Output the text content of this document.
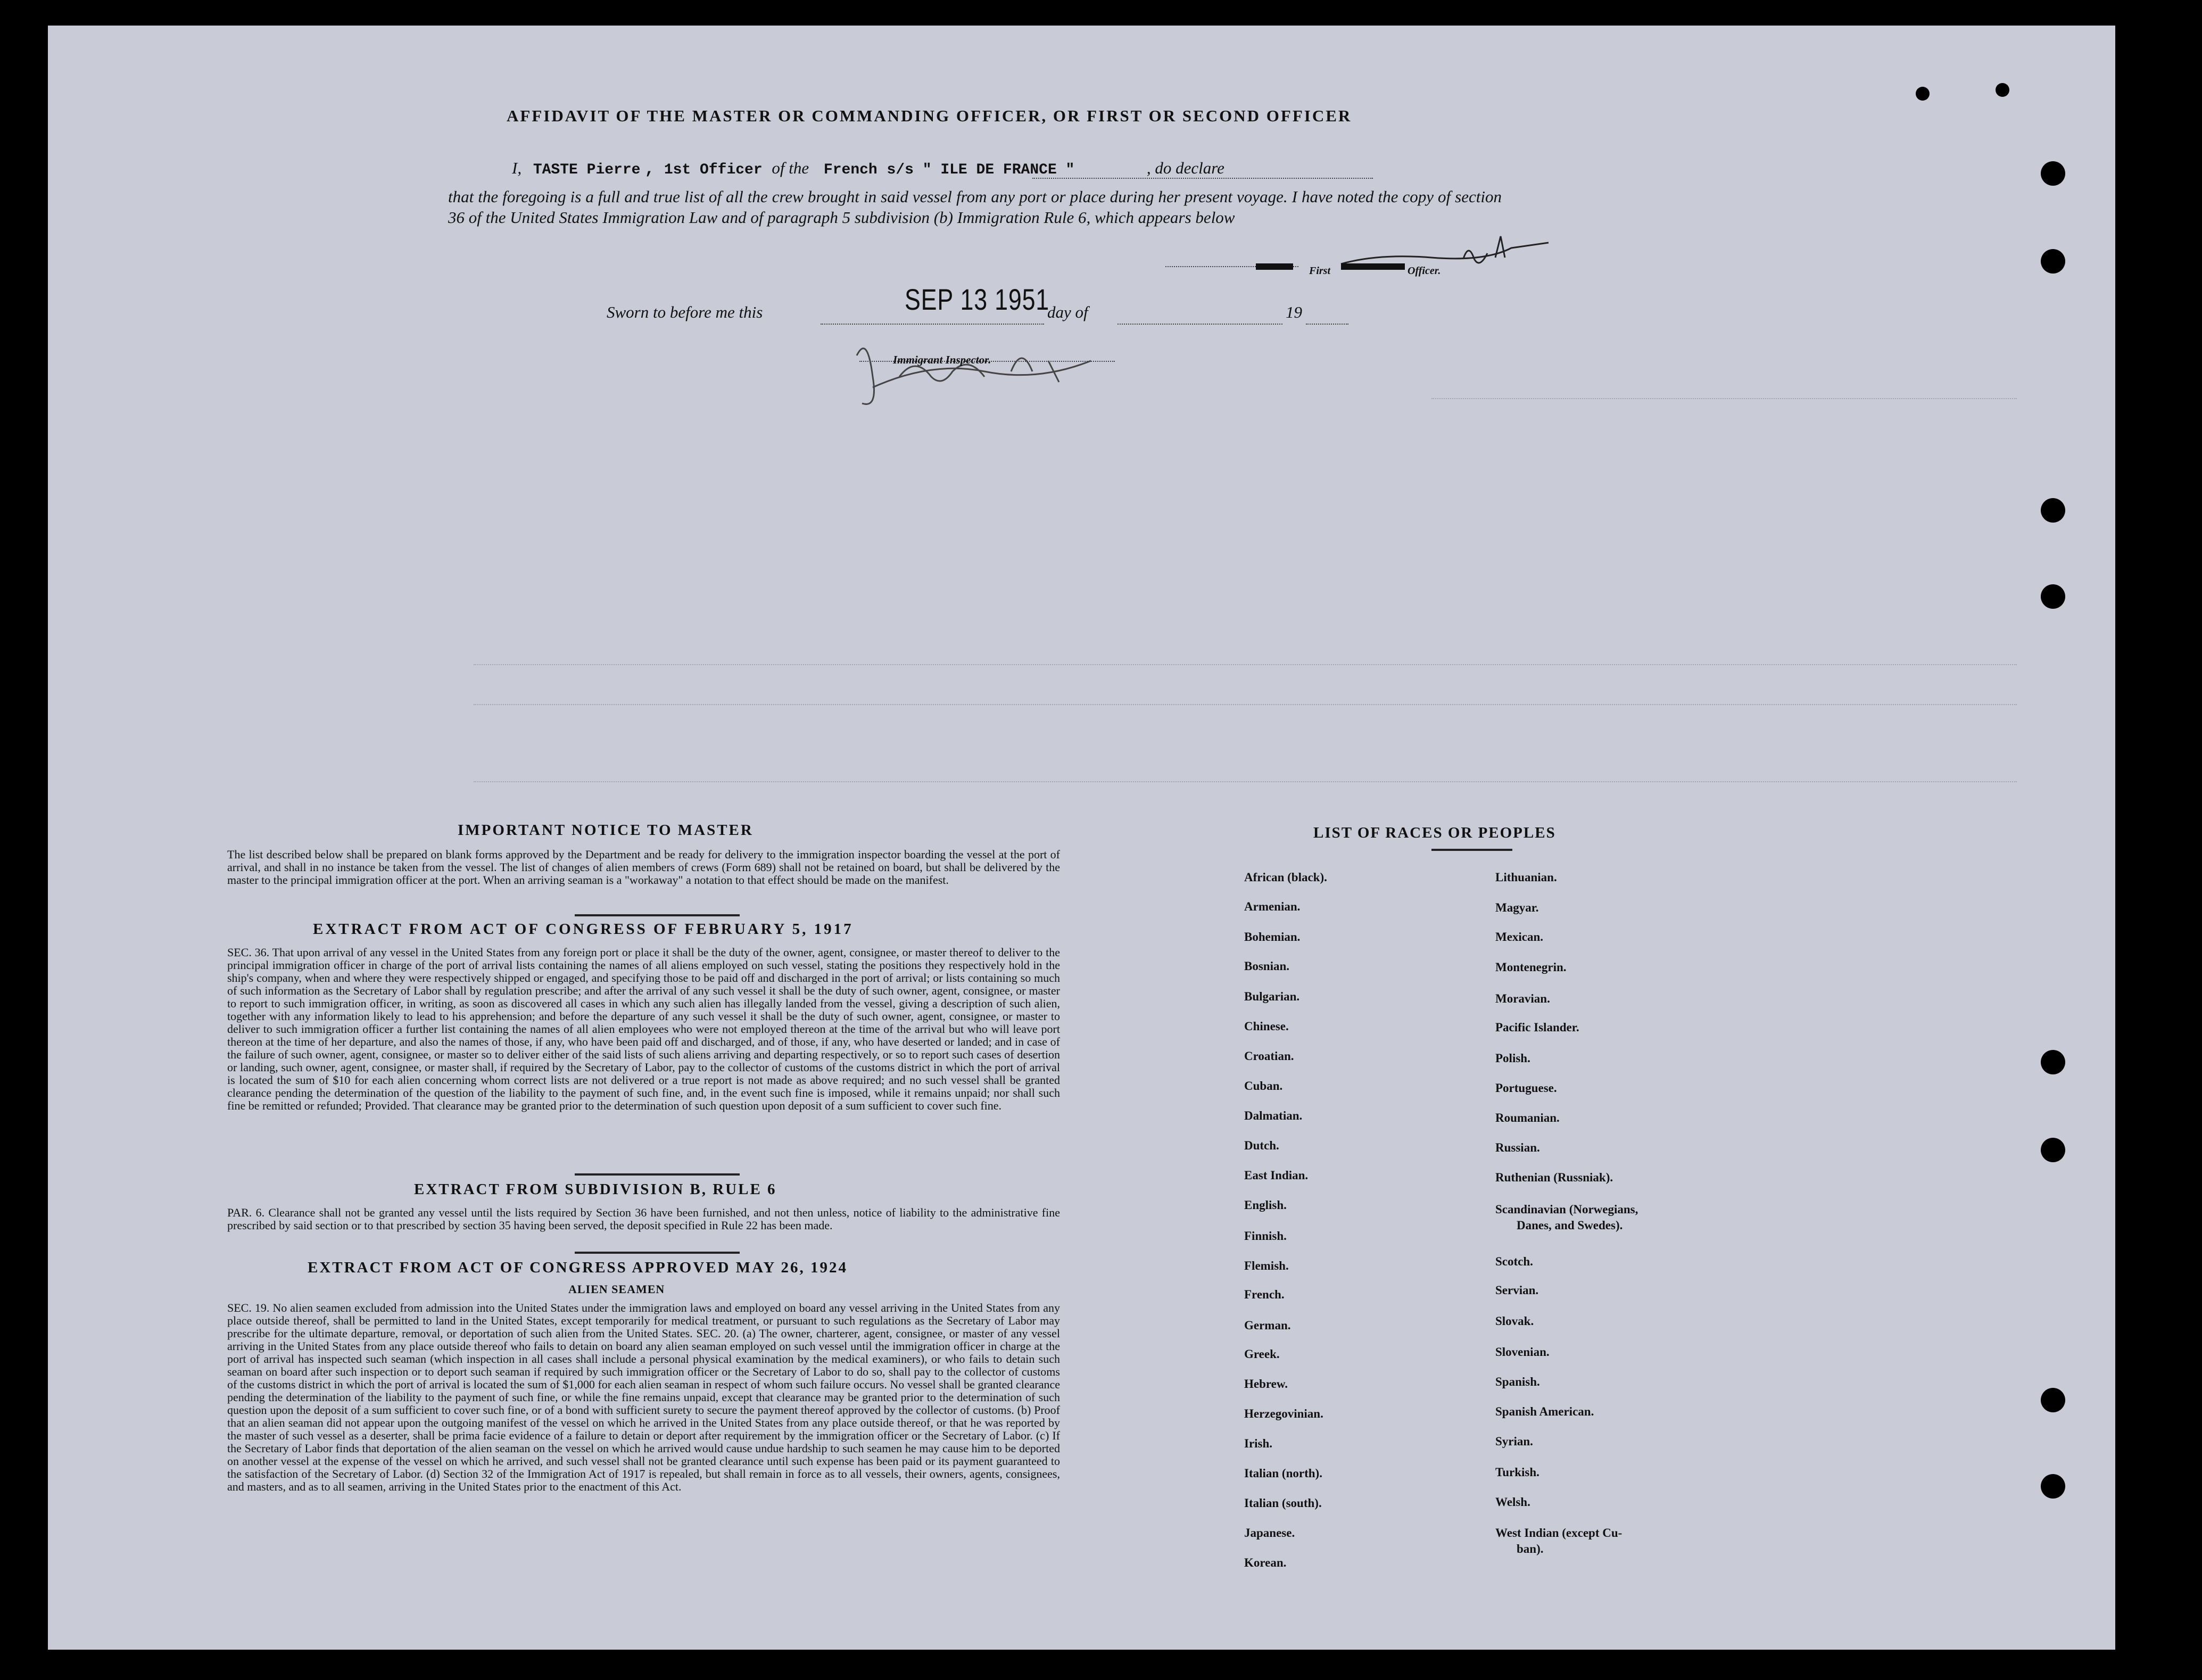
AFFIDAVIT OF THE MASTER OR COMMANDING OFFICER, OR FIRST OR SECOND OFFICER
I, TASTE Pierre , 1st Officer of the French s/s " ILE DE FRANCE "	, do declare
that the foregoing is a full and true list of all the crew brought in said vessel from any port or place during her present voyage. I have noted the copy of section 36 of the United States Immigration Law and of paragraph 5 subdivision (b) Immigration Rule 6, which appears below
First Officer.
Sworn to before me this	SEP 13 1951
day of	19
Immigrant Inspector.
IMPORTANT NOTICE TO MASTER
The list described below shall be prepared on blank forms approved by the Department and be ready for delivery to the immigration inspector boarding the vessel at the port of arrival, and shall in no instance be taken from the vessel. The list of changes of alien members of crews (Form 689) shall not be retained on board, but shall be delivered by the master to the principal immigration officer at the port. When an arriving seaman is a "workaway" a notation to that effect should be made on the manifest.
EXTRACT FROM ACT OF CONGRESS OF FEBRUARY 5, 1917
SEC. 36. That upon arrival of any vessel in the United States from any foreign port or place it shall be the duty of the owner, agent, consignee, or master thereof to deliver to the principal immigration officer in charge of the port of arrival lists containing the names of all aliens employed on such vessel, stating the positions they respectively hold in the ship's company, when and where they were respectively shipped or engaged, and specifying those to be paid off and discharged in the port of arrival; or lists containing so much of such information as the Secretary of Labor shall by regulation prescribe; and after the arrival of any such vessel it shall be the duty of such owner, agent, consignee, or master to report to such immigration officer, in writing, as soon as discovered all cases in which any such alien has illegally landed from the vessel, giving a description of such alien, together with any information likely to lead to his apprehension; and before the departure of any such vessel it shall be the duty of such owner, agent, consignee, or master to deliver to such immigration officer a further list containing the names of all alien employees who were not employed thereon at the time of the arrival but who will leave port thereon at the time of her departure, and also the names of those, if any, who have been paid off and discharged, and of those, if any, who have deserted or landed; and in case of the failure of such owner, agent, consignee, or master so to deliver either of the said lists of such aliens arriving and departing respectively, or so to report such cases of desertion or landing, such owner, agent, consignee, or master shall, if required by the Secretary of Labor, pay to the collector of customs of the customs district in which the port of arrival is located the sum of $10 for each alien concerning whom correct lists are not delivered or a true report is not made as above required; and no such vessel shall be granted clearance pending the determination of the question of the liability to the payment of such fine, and, in the event such fine is imposed, while it remains unpaid; nor shall such fine be remitted or refunded; Provided. That clearance may be granted prior to the determination of such question upon deposit of a sum sufficient to cover such fine.
EXTRACT FROM SUBDIVISION B, RULE 6
PAR. 6. Clearance shall not be granted any vessel until the lists required by Section 36 have been furnished, and not then unless, notice of liability to the administrative fine prescribed by said section or to that prescribed by section 35 having been served, the deposit specified in Rule 22 has been made.
EXTRACT FROM ACT OF CONGRESS APPROVED MAY 26, 1924
ALIEN SEAMEN
SEC. 19. No alien seamen excluded from admission into the United States under the immigration laws and employed on board any vessel arriving in the United States from any place outside thereof, shall be permitted to land in the United States, except temporarily for medical treatment, or pursuant to such regulations as the Secretary of Labor may prescribe for the ultimate departure, removal, or deportation of such alien from the United States. SEC. 20. (a) The owner, charterer, agent, consignee, or master of any vessel arriving in the United States from any place outside thereof who fails to detain on board any alien seaman employed on such vessel until the immigration officer in charge at the port of arrival has inspected such seaman (which inspection in all cases shall include a personal physical examination by the medical examiners), or who fails to detain such seaman on board after such inspection or to deport such seaman if required by such immigration officer or the Secretary of Labor to do so, shall pay to the collector of customs of the customs district in which the port of arrival is located the sum of $1,000 for each alien seaman in respect of whom such failure occurs. No vessel shall be granted clearance pending the determination of the liability to the payment of such fine, or while the fine remains unpaid, except that clearance may be granted prior to the determination of such question upon the deposit of a sum sufficient to cover such fine, or of a bond with sufficient surety to secure the payment thereof approved by the collector of customs. (b) Proof that an alien seaman did not appear upon the outgoing manifest of the vessel on which he arrived in the United States from any place outside thereof, or that he was reported by the master of such vessel as a deserter, shall be prima facie evidence of a failure to detain or deport after requirement by the immigration officer or the Secretary of Labor. (c) If the Secretary of Labor finds that deportation of the alien seaman on the vessel on which he arrived would cause undue hardship to such seamen he may cause him to be deported on another vessel at the expense of the vessel on which he arrived, and such vessel shall not be granted clearance until such expense has been paid or its payment guaranteed to the satisfaction of the Secretary of Labor. (d) Section 32 of the Immigration Act of 1917 is repealed, but shall remain in force as to all vessels, their owners, agents, consignees, and masters, and as to all seamen, arriving in the United States prior to the enactment of this Act.
LIST OF RACES OR PEOPLES
African (black).
Armenian.
Bohemian.
Bosnian.
Bulgarian.
Chinese.
Croatian.
Cuban.
Dalmatian.
Dutch.
East Indian.
English.
Finnish.
Flemish.
French.
German.
Greek.
Hebrew.
Herzegovinian.
Irish.
Italian (north).
Italian (south).
Japanese.
Korean.
Lithuanian.
Magyar.
Mexican.
Montenegrin.
Moravian.
Pacific Islander.
Polish.
Portuguese.
Roumanian.
Russian.
Ruthenian (Russniak).
Scandinavian (Norwegians,
Danes, and Swedes).
Scotch.
Servian.
Slovak.
Slovenian.
Spanish.
Spanish American.
Syrian.
Turkish.
Welsh.
West Indian (except Cu-
ban).
